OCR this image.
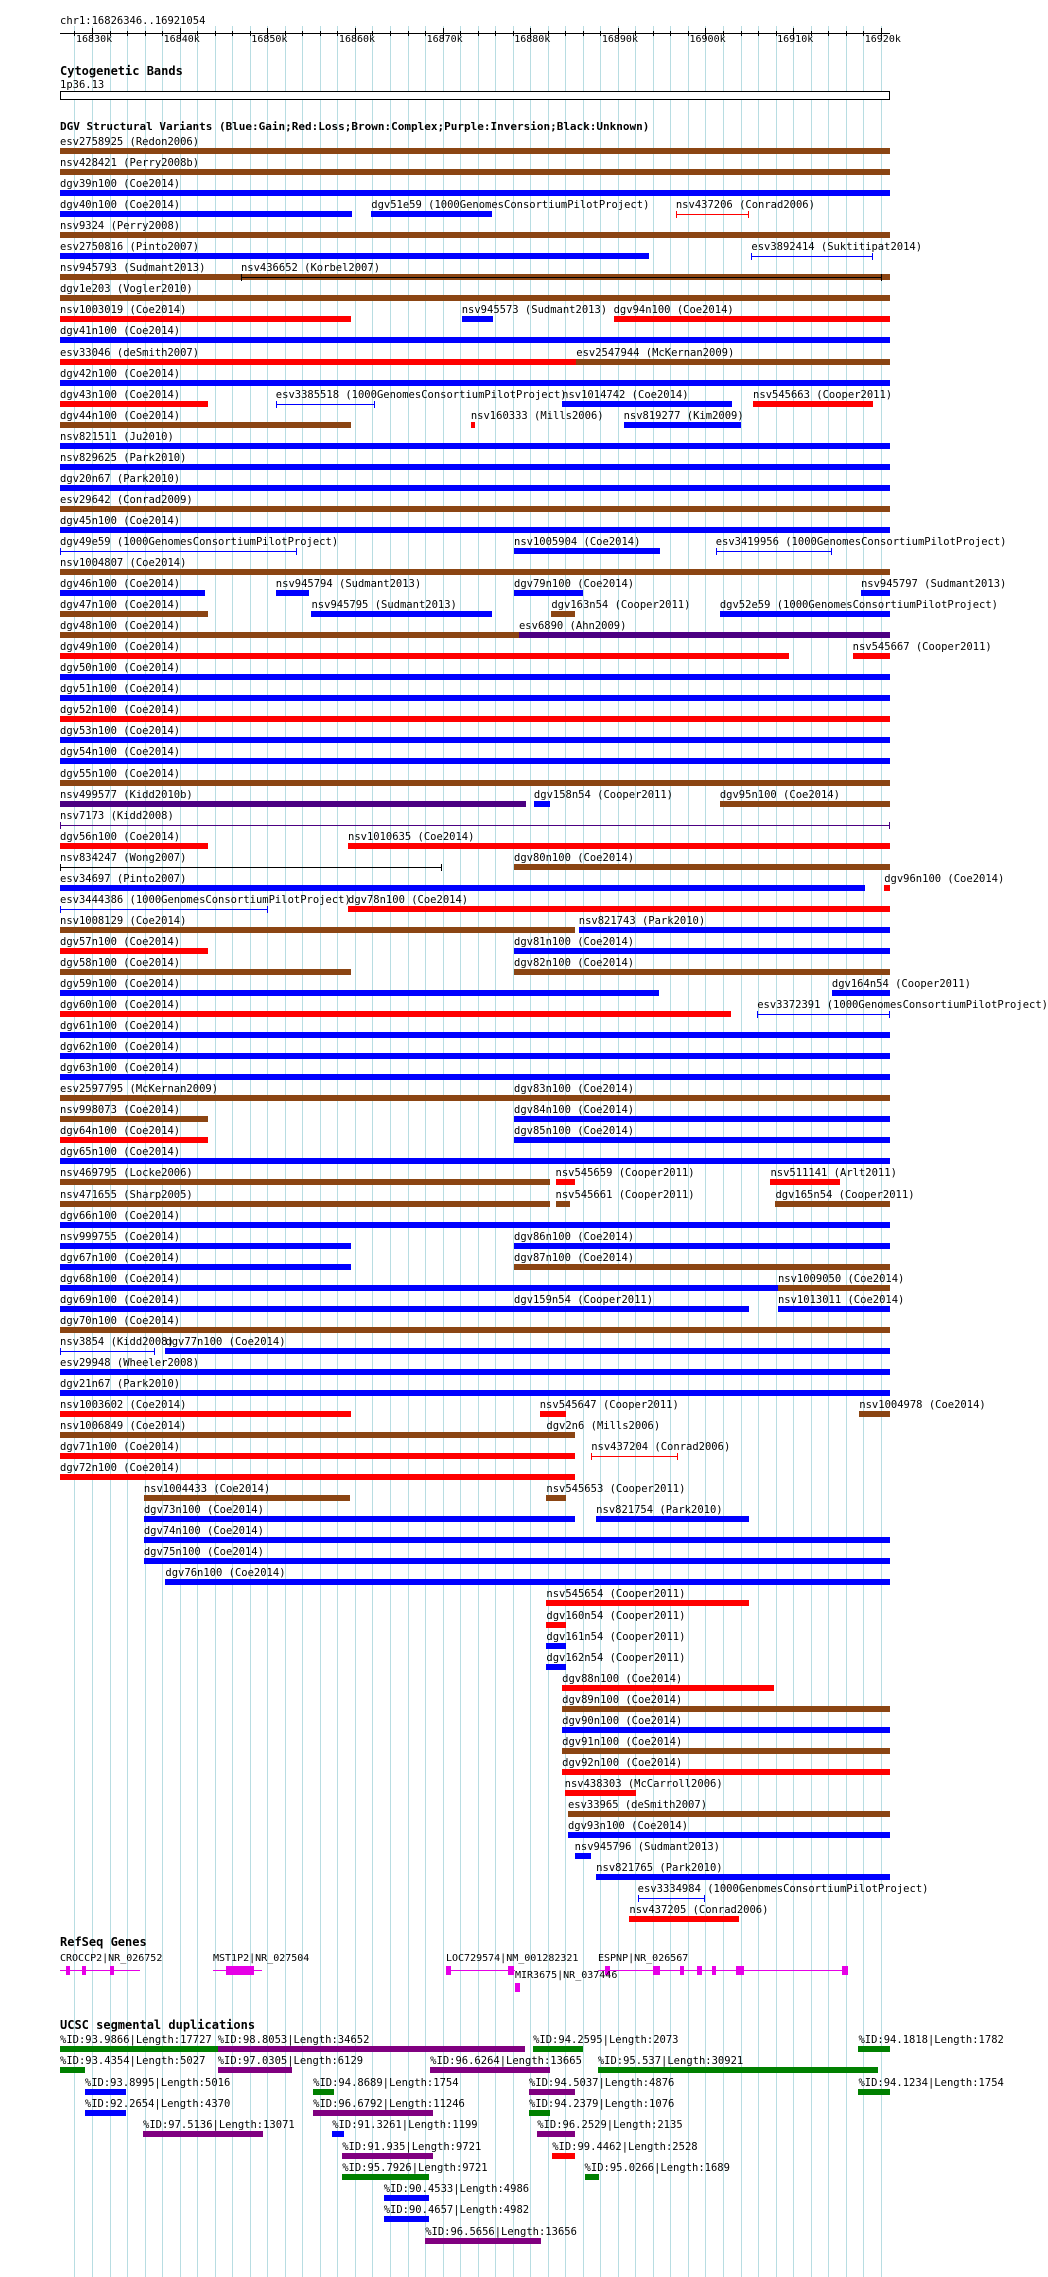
chr1:16826346..16921054
16830k	16840k	16850k	16860k	16870k	16880k	16890k	16900k	16910k	16920k
Cytogenetic Bands
1p36.13
DGV Structural Variants (Blue:Gain;Red:Loss;Brown:Complex;Purple:Inversion;Black:Unknown)
esv2758925 (Redon2006)
nsv428421 (Perry2008b)
dgv39n100 (Coe2014)
dgv40n100 (Coe2014)	dgv51e59 (1000GenomesConsortiumPilotProject)	nsv437206 (Conrad2006)
nsv9324 (Perry2008)
esv2750816 (Pinto2007)	esv3892414 (Suktitipat2014)
nsv945793 (Sudmant2013)	nsv436652 (Korbel2007)
dgv1e203 (Vogler2010)
nsv1003019 (Coe2014)	nsv945573 (Sudmant2013) dgv94n100 (Coe2014)
dgv41n100 (Coe2014)
esv33046 (deSmith2007)	esv2547944 (McKernan2009)
dgv42n100 (Coe2014)
dgv43n100 (Coe2014)	esv3385518 (1000GenomesConsortiumPilotProject)
nsv1014742 (Coe2014)	nsv545663 (Cooper2011)
dgv44n100 (Coe2014)	nsv160333 (Mills2006) nsv819277 (Kim2009)
nsv821511 (Ju2010)
nsv829625 (Park2010)
dgv20n67 (Park2010)
esv29642 (Conrad2009)
dgv45n100 (Coe2014)
dgv49e59 (1000GenomesConsortiumPilotProject)	nsv1005904 (Coe2014)	esv3419956 (1000GenomesConsortiumPilotProject)
nsv1004807 (Coe2014)
dgv46n100 (Coe2014)	nsv945794 (Sudmant2013)	dgv79n100 (Coe2014)	nsv945797 (Sudmant2013)
dgv47n100 (Coe2014)	nsv945795 (Sudmant2013)	dgv163n54 (Cooper2011)	dgv52e59 (1000GenomesConsortiumPilotProject)
dgv48n100 (Coe2014)	esv6890 (Ahn2009)
dgv49n100 (Coe2014)	nsv545667 (Cooper2011)
dgv50n100 (Coe2014)
dgv51n100 (Coe2014)
dgv52n100 (Coe2014)
dgv53n100 (Coe2014)
dgv54n100 (Coe2014)
dgv55n100 (Coe2014)
nsv499577 (Kidd2010b)	dgv158n54 (Cooper2011)	dgv95n100 (Coe2014)
nsv7173 (Kidd2008)
dgv56n100 (Coe2014)	nsv1010635 (Coe2014)
nsv834247 (Wong2007)	dgv80n100 (Coe2014)
esv34697 (Pinto2007)	dgv96n100 (Coe2014)
esv3444386 (1000GenomesConsortiumPilotProject)
dgv78n100 (Coe2014)
nsv1008129 (Coe2014)	nsv821743 (Park2010)
dgv57n100 (Coe2014)	dgv81n100 (Coe2014)
dgv58n100 (Coe2014)	dgv82n100 (Coe2014)
dgv59n100 (Coe2014)	dgv164n54 (Cooper2011)
dgv60n100 (Coe2014)	esv3372391 (1000GenomesConsortiumPilotProject)
dgv61n100 (Coe2014)
dgv62n100 (Coe2014)
dgv63n100 (Coe2014)
esv2597795 (McKernan2009)	dgv83n100 (Coe2014)
nsv998073 (Coe2014)	dgv84n100 (Coe2014)
dgv64n100 (Coe2014)	dgv85n100 (Coe2014)
dgv65n100 (Coe2014)
nsv469795 (Locke2006)	nsv545659 (Cooper2011)	nsv511141 (Arlt2011)
nsv471655 (Sharp2005)	nsv545661 (Cooper2011)	dgv165n54 (Cooper2011)
dgv66n100 (Coe2014)
nsv999755 (Coe2014)	dgv86n100 (Coe2014)
dgv67n100 (Coe2014)	dgv87n100 (Coe2014)
dgv68n100 (Coe2014)	nsv1009050 (Coe2014)
dgv69n100 (Coe2014)	dgv159n54 (Cooper2011)	nsv1013011 (Coe2014)
dgv70n100 (Coe2014)
nsv3854 (Kidd2008)
dgv77n100 (Coe2014)
esv29948 (Wheeler2008)
dgv21n67 (Park2010)
nsv1003602 (Coe2014)	nsv545647 (Cooper2011)	nsv1004978 (Coe2014)
nsv1006849 (Coe2014)	dgv2n6 (Mills2006)
dgv71n100 (Coe2014)	nsv437204 (Conrad2006)
dgv72n100 (Coe2014)
nsv1004433 (Coe2014)	nsv545653 (Cooper2011)
dgv73n100 (Coe2014)	nsv821754 (Park2010)
dgv74n100 (Coe2014)
dgv75n100 (Coe2014)
dgv76n100 (Coe2014)
nsv545654 (Cooper2011)
dgv160n54 (Cooper2011)
dgv161n54 (Cooper2011)
dgv162n54 (Cooper2011)
dgv88n100 (Coe2014)
dgv89n100 (Coe2014)
dgv90n100 (Coe2014)
dgv91n100 (Coe2014)
dgv92n100 (Coe2014)
nsv438303 (McCarroll2006)
esv33965 (deSmith2007)
dgv93n100 (Coe2014)
nsv945796 (Sudmant2013)
nsv821765 (Park2010)
esv3334984 (1000GenomesConsortiumPilotProject)
nsv437205 (Conrad2006)
RefSeq Genes
CROCCP2|NR_026752	MST1P2|NR_027504	LOC729574|NM_001282321 ESPNP|NR_026567
MIR3675|NR_037446
UCSC segmental duplications
%ID:93.9866|Length:17727 %ID:98.8053|Length:34652	%ID:94.2595|Length:2073	%ID:94.1818|Length:1782
%ID:93.4354|Length:5027 %ID:97.0305|Length:6129	%ID:96.6264|Length:13665 %ID:95.537|Length:30921
%ID:93.8995|Length:5016	%ID:94.8689|Length:1754	%ID:94.5037|Length:4876	%ID:94.1234|Length:1754
%ID:92.2654|Length:4370	%ID:96.6792|Length:11246	%ID:94.2379|Length:1076
%ID:97.5136|Length:13071	%ID:91.3261|Length:1199	%ID:96.2529|Length:2135
%ID:91.935|Length:9721	%ID:99.4462|Length:2528
%ID:95.7926|Length:9721	%ID:95.0266|Length:1689
%ID:90.4533|Length:4986
%ID:90.4657|Length:4982
%ID:96.5656|Length:13656
